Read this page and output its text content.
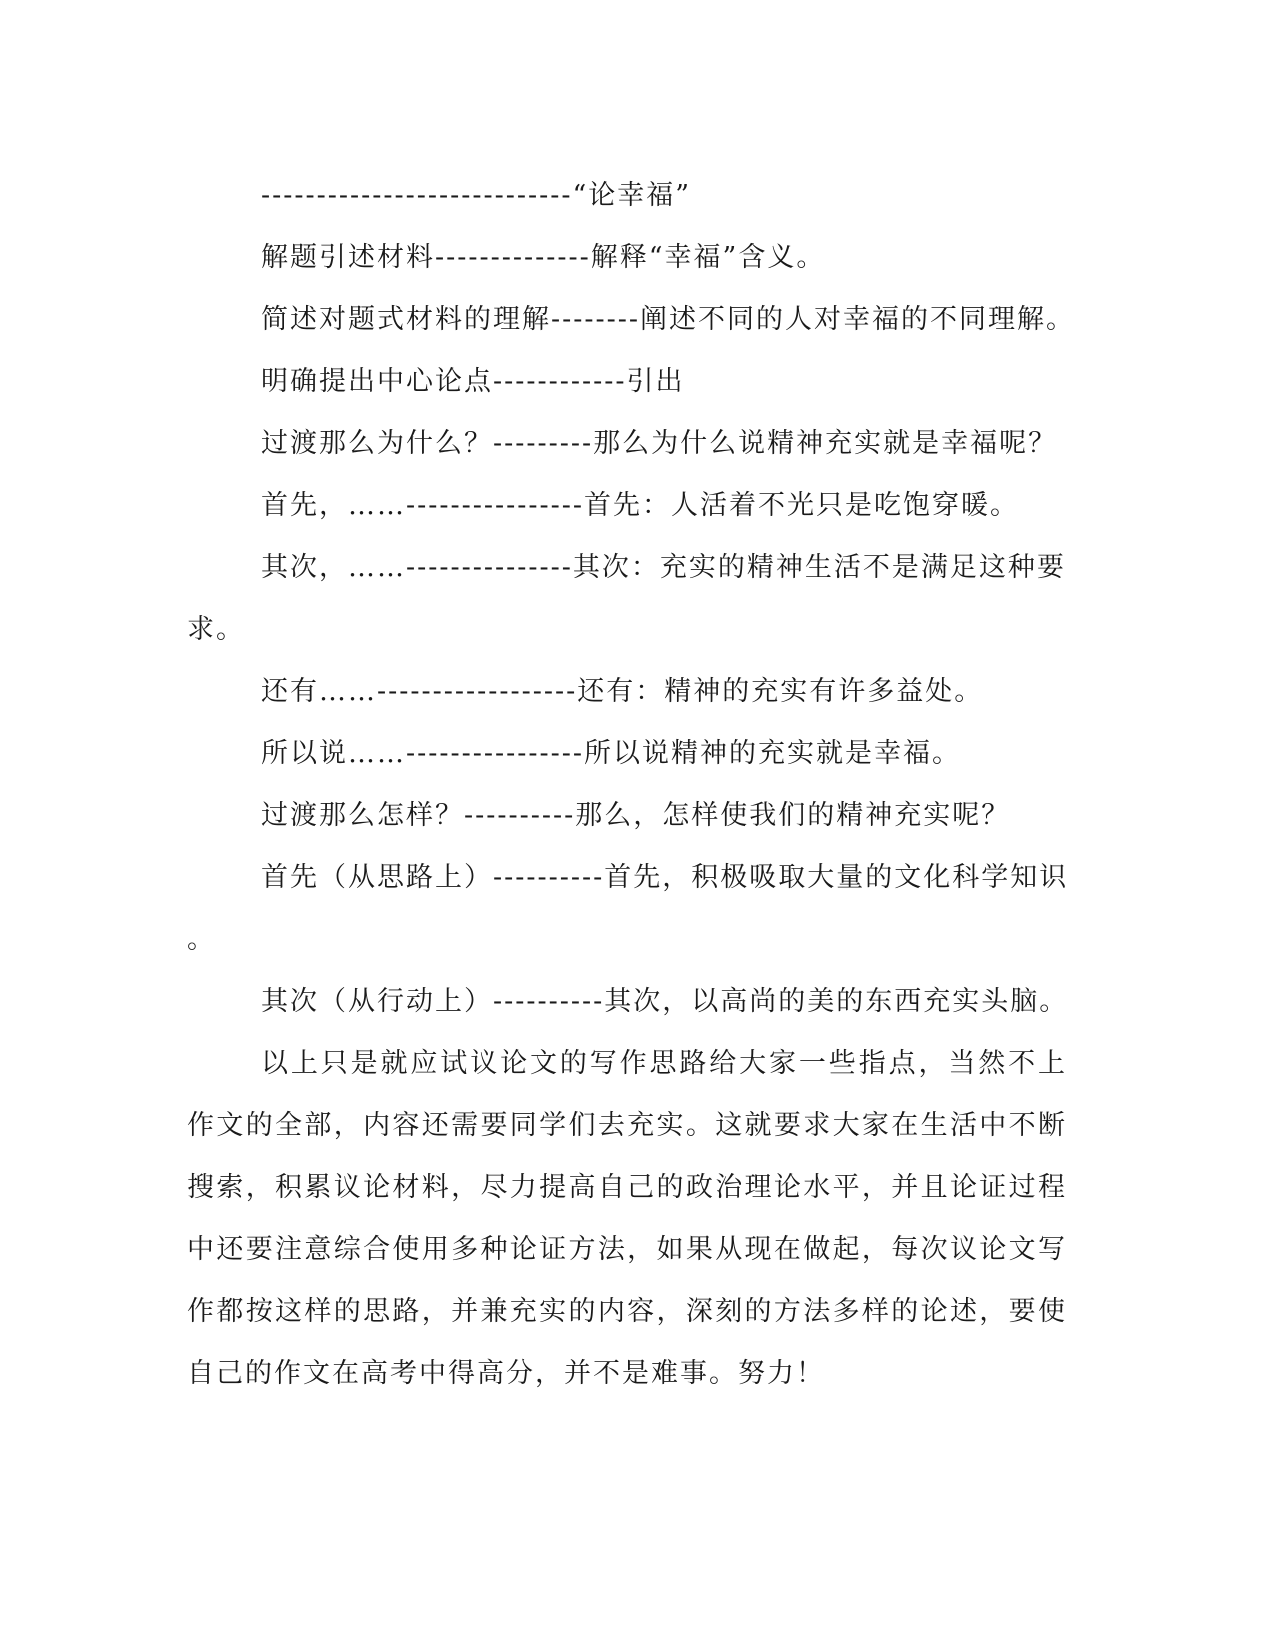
----------------------------“论幸福”
解题引述材料--------------解释“幸福”含义。
简述对题式材料的理解--------阐述不同的人对幸福的不同理解。
明确提出中心论点------------引出
过渡那么为什么？---------那么为什么说精神充实就是幸福呢？
首先，……----------------首先：人活着不光只是吃饱穿暖。
其次，……---------------其次：充实的精神生活不是满足这种要
求。
还有……------------------还有：精神的充实有许多益处。
所以说……----------------所以说精神的充实就是幸福。
过渡那么怎样？----------那么，怎样使我们的精神充实呢？
首先（从思路上）----------首先，积极吸取大量的文化科学知识
。
其次（从行动上）----------其次，以高尚的美的东西充实头脑。

以上只是就应试议论文的写作思路给大家一些指点，当然不上作文的全部，内容还需要同学们去充实。这就要求大家在生活中不断搜索，积累议论材料，尽力提高自己的政治理论水平，并且论证过程中还要注意综合使用多种论证方法，如果从现在做起，每次议论文写作都按这样的思路，并兼充实的内容，深刻的方法多样的论述，要使自己的作文在高考中得高分，并不是难事。努力！
